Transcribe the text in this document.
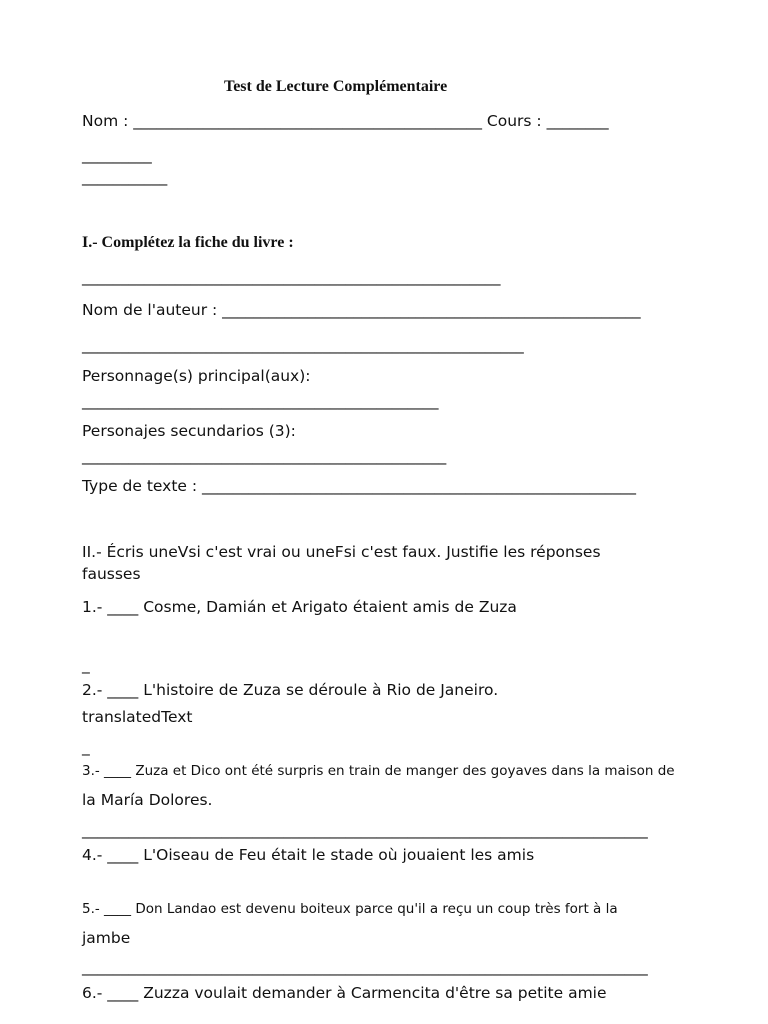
Test de Lecture Complémentaire
Nom : _____________________________________________ Cours : ________
_________
___________
I.- Complétez la fiche du livre :
______________________________________________________
Nom de l'auteur : ______________________________________________________
_________________________________________________________
Personnage(s) principal(aux):
______________________________________________
Personajes secundarios (3):
_______________________________________________
Type de texte : ________________________________________________________
II.- Écris uneVsi c'est vrai ou uneFsi c'est faux. Justifie les réponses
fausses
1.- ____ Cosme, Damián et Arigato étaient amis de Zuza
_
2.- ____ L'histoire de Zuza se déroule à Rio de Janeiro.
translatedText
_
3.- ____ Zuza et Dico ont été surpris en train de manger des goyaves dans la maison de
la María Dolores.
_________________________________________________________________________
4.- ____ L'Oiseau de Feu était le stade où jouaient les amis
5.- ____ Don Landao est devenu boiteux parce qu'il a reçu un coup très fort à la
jambe
_________________________________________________________________________
6.- ____ Zuzza voulait demander à Carmencita d'être sa petite amie
